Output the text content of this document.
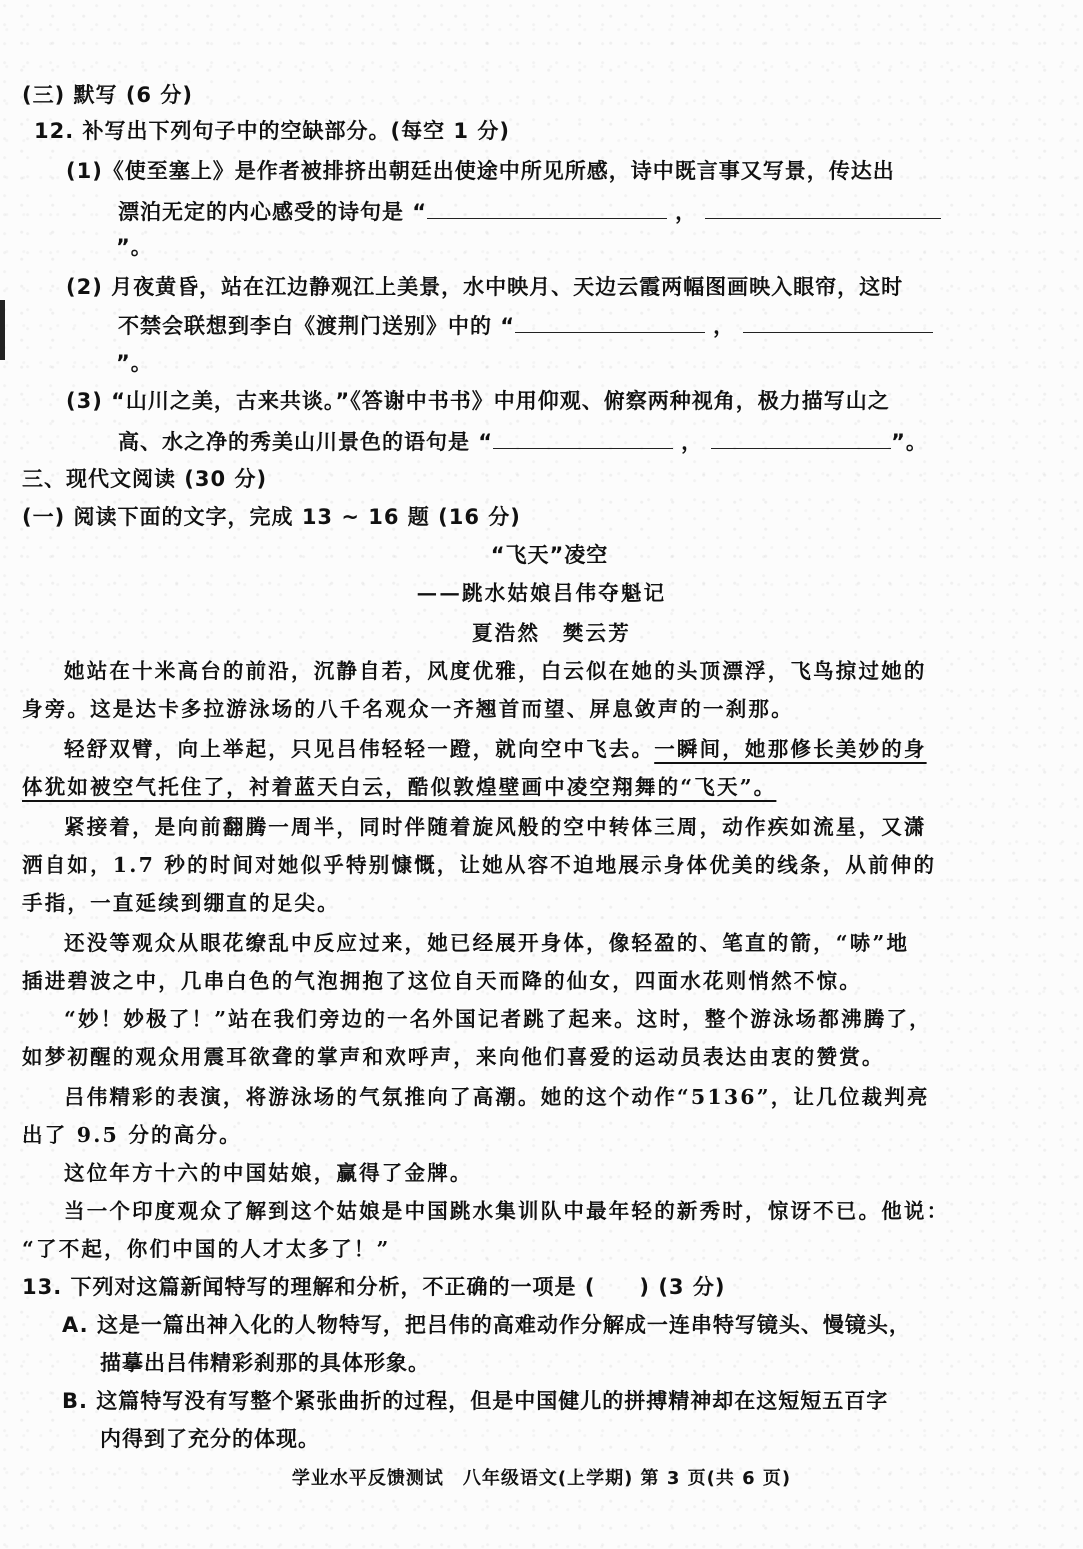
(三) 默写 (6 分)
12. 补写出下列句子中的空缺部分。(每空 1 分)
(1)《使至塞上》是作者被排挤出朝廷出使途中所见所感，诗中既言事又写景，传达出
漂泊无定的内心感受的诗句是 “	，
”。
(2) 月夜黄昏，站在江边静观江上美景，水中映月、天边云霞两幅图画映入眼帘，这时
不禁会联想到李白《渡荆门送别》中的 “	，
”。
(3) “山川之美，古来共谈。”《答谢中书书》中用仰观、俯察两种视角，极力描写山之
高、水之净的秀美山川景色的语句是 “	，	”。
三、现代文阅读 (30 分)
(一) 阅读下面的文字，完成 13 ~ 16 题 (16 分)
“飞天”凌空
——跳水姑娘吕伟夺魁记
夏浩然　樊云芳
她站在十米高台的前沿，沉静自若，风度优雅，白云似在她的头顶漂浮，飞鸟掠过她的
身旁。这是达卡多拉游泳场的八千名观众一齐翘首而望、屏息敛声的一刹那。
轻舒双臂，向上举起，只见吕伟轻轻一蹬，就向空中飞去。一瞬间，她那修长美妙的身
体犹如被空气托住了，衬着蓝天白云，酷似敦煌壁画中凌空翔舞的“飞天”。
紧接着，是向前翻腾一周半，同时伴随着旋风般的空中转体三周，动作疾如流星，又潇
洒自如，1.7 秒的时间对她似乎特别慷慨，让她从容不迫地展示身体优美的线条，从前伸的
手指，一直延续到绷直的足尖。
还没等观众从眼花缭乱中反应过来，她已经展开身体，像轻盈的、笔直的箭，“哧”地
插进碧波之中，几串白色的气泡拥抱了这位自天而降的仙女，四面水花则悄然不惊。
“妙！妙极了！”站在我们旁边的一名外国记者跳了起来。这时，整个游泳场都沸腾了，
如梦初醒的观众用震耳欲聋的掌声和欢呼声，来向他们喜爱的运动员表达由衷的赞赏。
吕伟精彩的表演，将游泳场的气氛推向了高潮。她的这个动作“5136”，让几位裁判亮
出了 9.5 分的高分。
这位年方十六的中国姑娘，赢得了金牌。
当一个印度观众了解到这个姑娘是中国跳水集训队中最年轻的新秀时，惊讶不已。他说：
“了不起，你们中国的人才太多了！”
13. 下列对这篇新闻特写的理解和分析，不正确的一项是 (　　) (3 分)
A. 这是一篇出神入化的人物特写，把吕伟的高难动作分解成一连串特写镜头、慢镜头，
描摹出吕伟精彩刹那的具体形象。
B. 这篇特写没有写整个紧张曲折的过程，但是中国健儿的拼搏精神却在这短短五百字
内得到了充分的体现。
学业水平反馈测试　八年级语文(上学期) 第 3 页(共 6 页)
